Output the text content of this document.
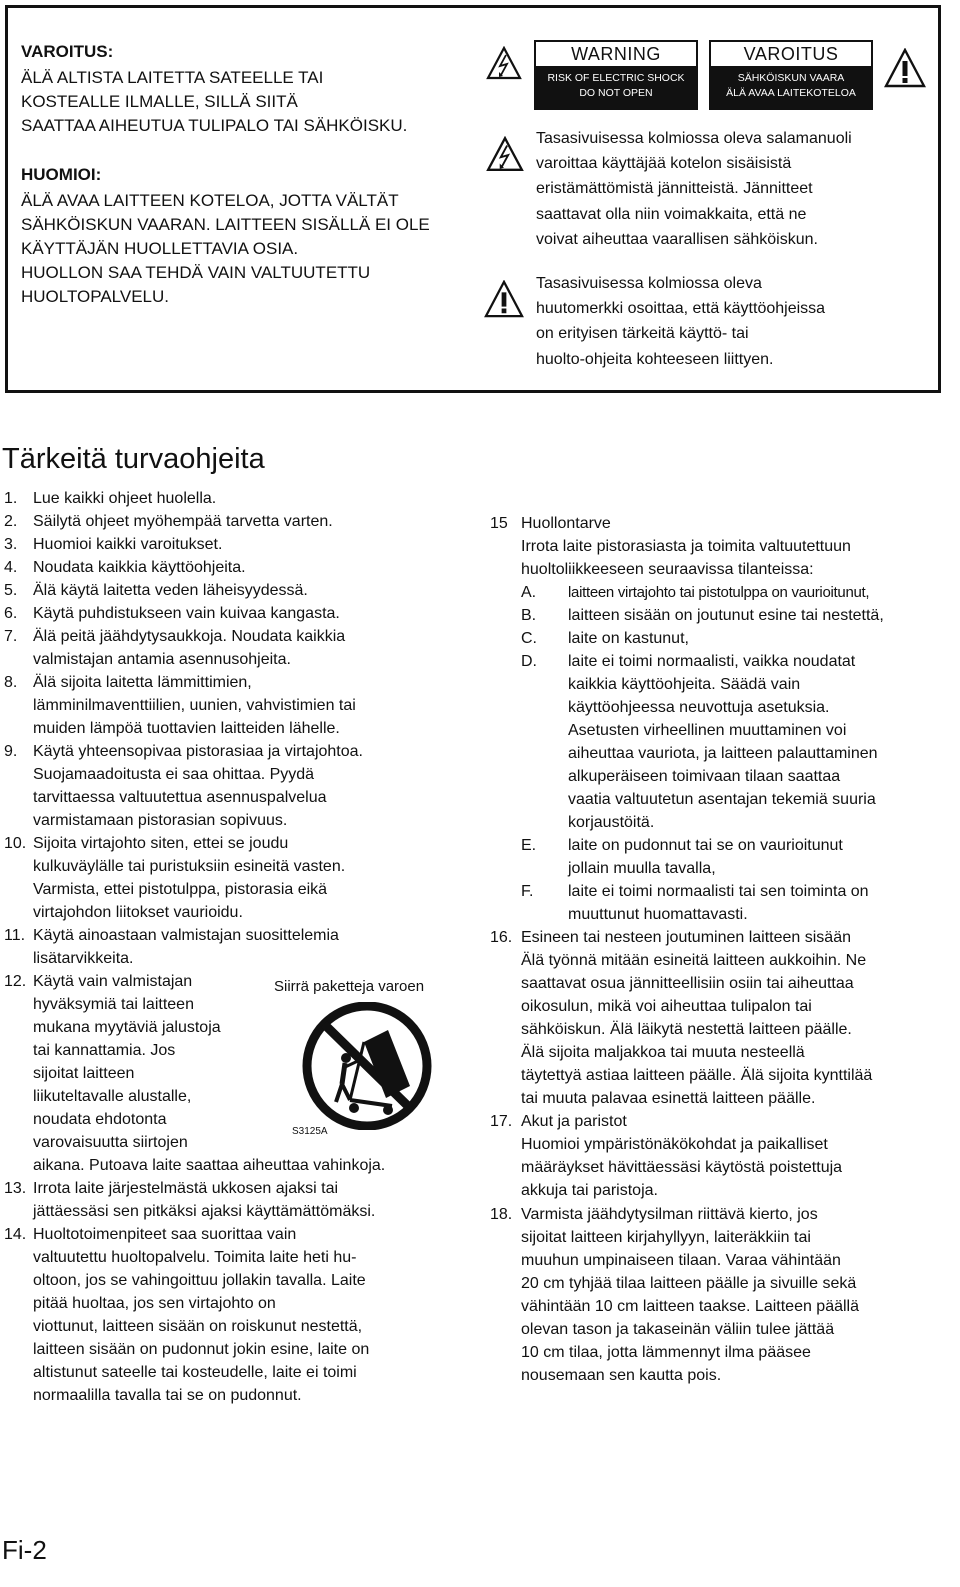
VAROITUS:
ÄLÄ ALTISTA LAITETTA SATEELLE TAI
KOSTEALLE ILMALLE, SILLÄ SIITÄ
SAATTAA AIHEUTUA TULIPALO TAI SÄHKÖISKU.
HUOMIOI:
ÄLÄ AVAA LAITTEEN KOTELOA, JOTTA VÄLTÄT
SÄHKÖISKUN VAARAN. LAITTEEN SISÄLLÄ EI OLE
KÄYTTÄJÄN HUOLLETTAVIA OSIA.
HUOLLON SAA TEHDÄ VAIN VALTUUTETTU
HUOLTOPALVELU.
WARNING
RISK OF ELECTRIC SHOCK
DO NOT OPEN
VAROITUS
SÄHKÖISKUN VAARA
ÄLÄ AVAA LAITEKOTELOA
Tasasivuisessa kolmiossa oleva salamanuoli
varoittaa käyttäjää kotelon sisäisistä
eristämättömistä jännitteistä. Jännitteet
saattavat olla niin voimakkaita, että ne
voivat aiheuttaa vaarallisen sähköiskun.
Tasasivuisessa kolmiossa oleva
huutomerkki osoittaa, että käyttöohjeissa
on erityisen tärkeitä käyttö- tai
huolto-ohjeita kohteeseen liittyen.
Tärkeitä turvaohjeita
1. Lue kaikki ohjeet huolella.
2. Säilytä ohjeet myöhempää tarvetta varten.
3. Huomioi kaikki varoitukset.
4. Noudata kaikkia käyttöohjeita.
5. Älä käytä laitetta veden läheisyydessä.
6. Käytä puhdistukseen vain kuivaa kangasta.
7. Älä peitä jäähdytysaukkoja. Noudata kaikkia
valmistajan antamia asennusohjeita.
8. Älä sijoita laitetta lämmittimien,
lämminilmaventtiilien, uunien, vahvistimien tai
muiden lämpöä tuottavien laitteiden lähelle.
9. Käytä yhteensopivaa pistorasiaa ja virtajohtoa.
Suojamaadoitusta ei saa ohittaa. Pyydä
tarvittaessa valtuutettua asennuspalvelua
varmistamaan pistorasian sopivuus.
10. Sijoita virtajohto siten, ettei se joudu
kulkuväylälle tai puristuksiin esineitä vasten.
Varmista, ettei pistotulppa, pistorasia eikä
virtajohdon liitokset vaurioidu.
11. Käytä ainoastaan valmistajan suosittelemia
lisätarvikkeita.
12. Käytä vain valmistajan
hyväksymiä tai laitteen
mukana myytäviä jalustoja
tai kannattamia. Jos
sijoitat laitteen
liikuteltavalle alustalle,
noudata ehdotonta
varovaisuutta siirtojen
aikana. Putoava laite saattaa aiheuttaa vahinkoja.
13. Irrota laite järjestelmästä ukkosen ajaksi tai
jättäessäsi sen pitkäksi ajaksi käyttämättömäksi.
14. Huoltotoimenpiteet saa suorittaa vain
valtuutettu huoltopalvelu. Toimita laite heti hu-
oltoon, jos se vahingoittuu jollakin tavalla. Laite
pitää huoltaa, jos sen virtajohto on
viottunut, laitteen sisään on roiskunut nestettä,
laitteen sisään on pudonnut jokin esine, laite on
altistunut sateelle tai kosteudelle, laite ei toimi
normaalilla tavalla tai se on pudonnut.
Siirrä paketteja varoen
S3125A
15 Huollontarve
Irrota laite pistorasiasta ja toimita valtuutettuun
huoltoliikkeeseen seuraavissa tilanteissa:
A. laitteen virtajohto tai pistotulppa on vaurioitunut,
B. laitteen sisään on joutunut esine tai nestettä,
C. laite on kastunut,
D. laite ei toimi normaalisti, vaikka noudatat
kaikkia käyttöohjeita. Säädä vain
käyttöohjeessa neuvottuja asetuksia.
Asetusten virheellinen muuttaminen voi
aiheuttaa vauriota, ja laitteen palauttaminen
alkuperäiseen toimivaan tilaan saattaa
vaatia valtuutetun asentajan tekemiä suuria
korjaustöitä.
E. laite on pudonnut tai se on vaurioitunut
jollain muulla tavalla,
F. laite ei toimi normaalisti tai sen toiminta on
muuttunut huomattavasti.
16. Esineen tai nesteen joutuminen laitteen sisään
Älä työnnä mitään esineitä laitteen aukkoihin. Ne
saattavat osua jännitteellisiin osiin tai aiheuttaa
oikosulun, mikä voi aiheuttaa tulipalon tai
sähköiskun. Älä läikytä nestettä laitteen päälle.
Älä sijoita maljakkoa tai muuta nesteellä
täytettyä astiaa laitteen päälle. Älä sijoita kynttilää
tai muuta palavaa esinettä laitteen päälle.
17. Akut ja paristot
Huomioi ympäristönäkökohdat ja paikalliset
määräykset hävittäessäsi käytöstä poistettuja
akkuja tai paristoja.
18. Varmista jäähdytysilman riittävä kierto, jos
sijoitat laitteen kirjahyllyyn, laiteräkkiin tai
muuhun umpinaiseen tilaan. Varaa vähintään
20 cm tyhjää tilaa laitteen päälle ja sivuille sekä
vähintään 10 cm laitteen taakse. Laitteen päällä
olevan tason ja takaseinän väliin tulee jättää
10 cm tilaa, jotta lämmennyt ilma pääsee
nousemaan sen kautta pois.
Fi-2
